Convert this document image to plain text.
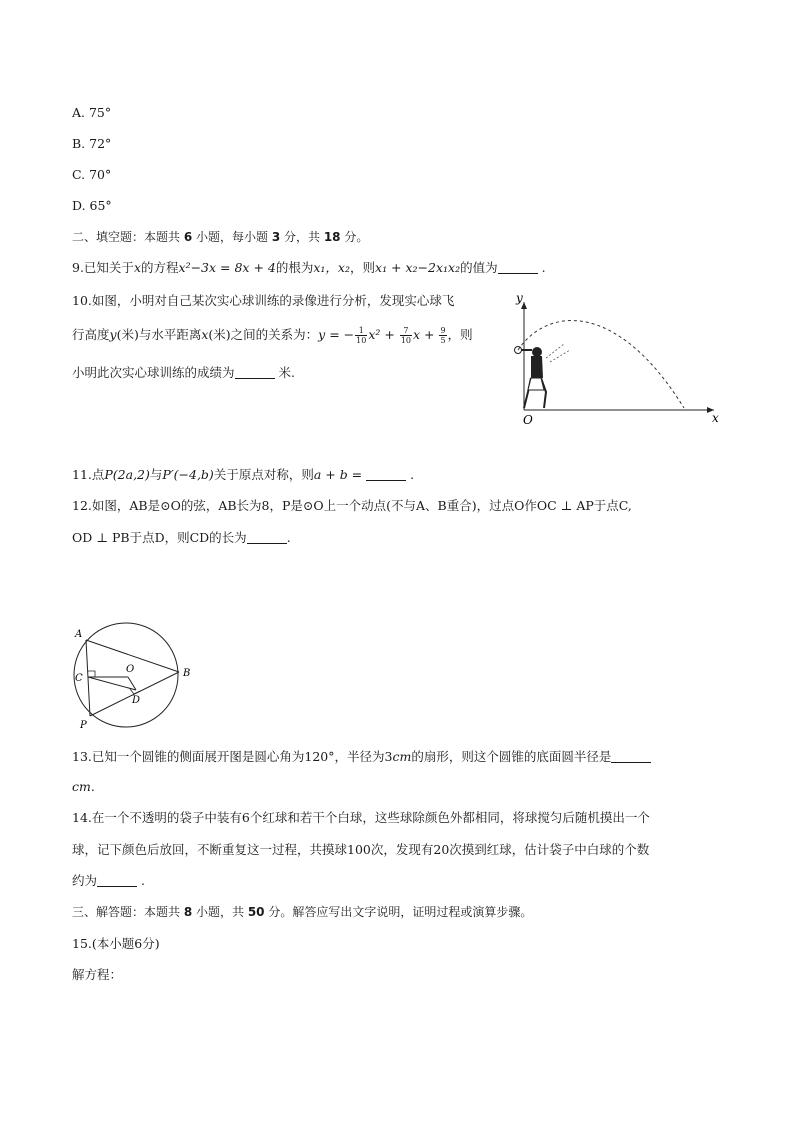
A. 75°
B. 72°
C. 70°
D. 65°
二、填空题：本题共 6 小题，每小题 3 分，共 18 分。
9.已知关于x的方程x²−3x = 8x + 4的根为x₁，x₂，则x₁ + x₂−2x₁x₂的值为	.
10.如图，小明对自己某次实心球训练的录像进行分析，发现实心球飞
行高度y(米)与水平距离x(米)之间的关系为：y = − $\frac{1}{10} x^2 + \frac{7}{10}$ $x + \frac{9}{5}$ ，则
小明此次实心球训练的成绩为	米.
y
x
O
11.点P(2a,2)与P′(−4,b)关于原点对称，则a + b =	.
12.如图，AB是⊙O的弦，AB长为8，P是⊙O上一个动点(不与A、B重合)，过点O作OC ⊥ AP于点C,
OD ⊥ PB于点D，则CD的长为	.
A
B
C
D
O
P
13.已知一个圆锥的侧面展开图是圆心角为120°，半径为3cm的扇形，则这个圆锥的底面圆半径是
cm.
14.在一个不透明的袋子中装有6个红球和若干个白球，这些球除颜色外都相同，将球搅匀后随机摸出一个
球，记下颜色后放回，不断重复这一过程，共摸球100次，发现有20次摸到红球，估计袋子中白球的个数
约为	.
三、解答题：本题共 8 小题，共 50 分。解答应写出文字说明，证明过程或演算步骤。
15.(本小题6分)
解方程：
